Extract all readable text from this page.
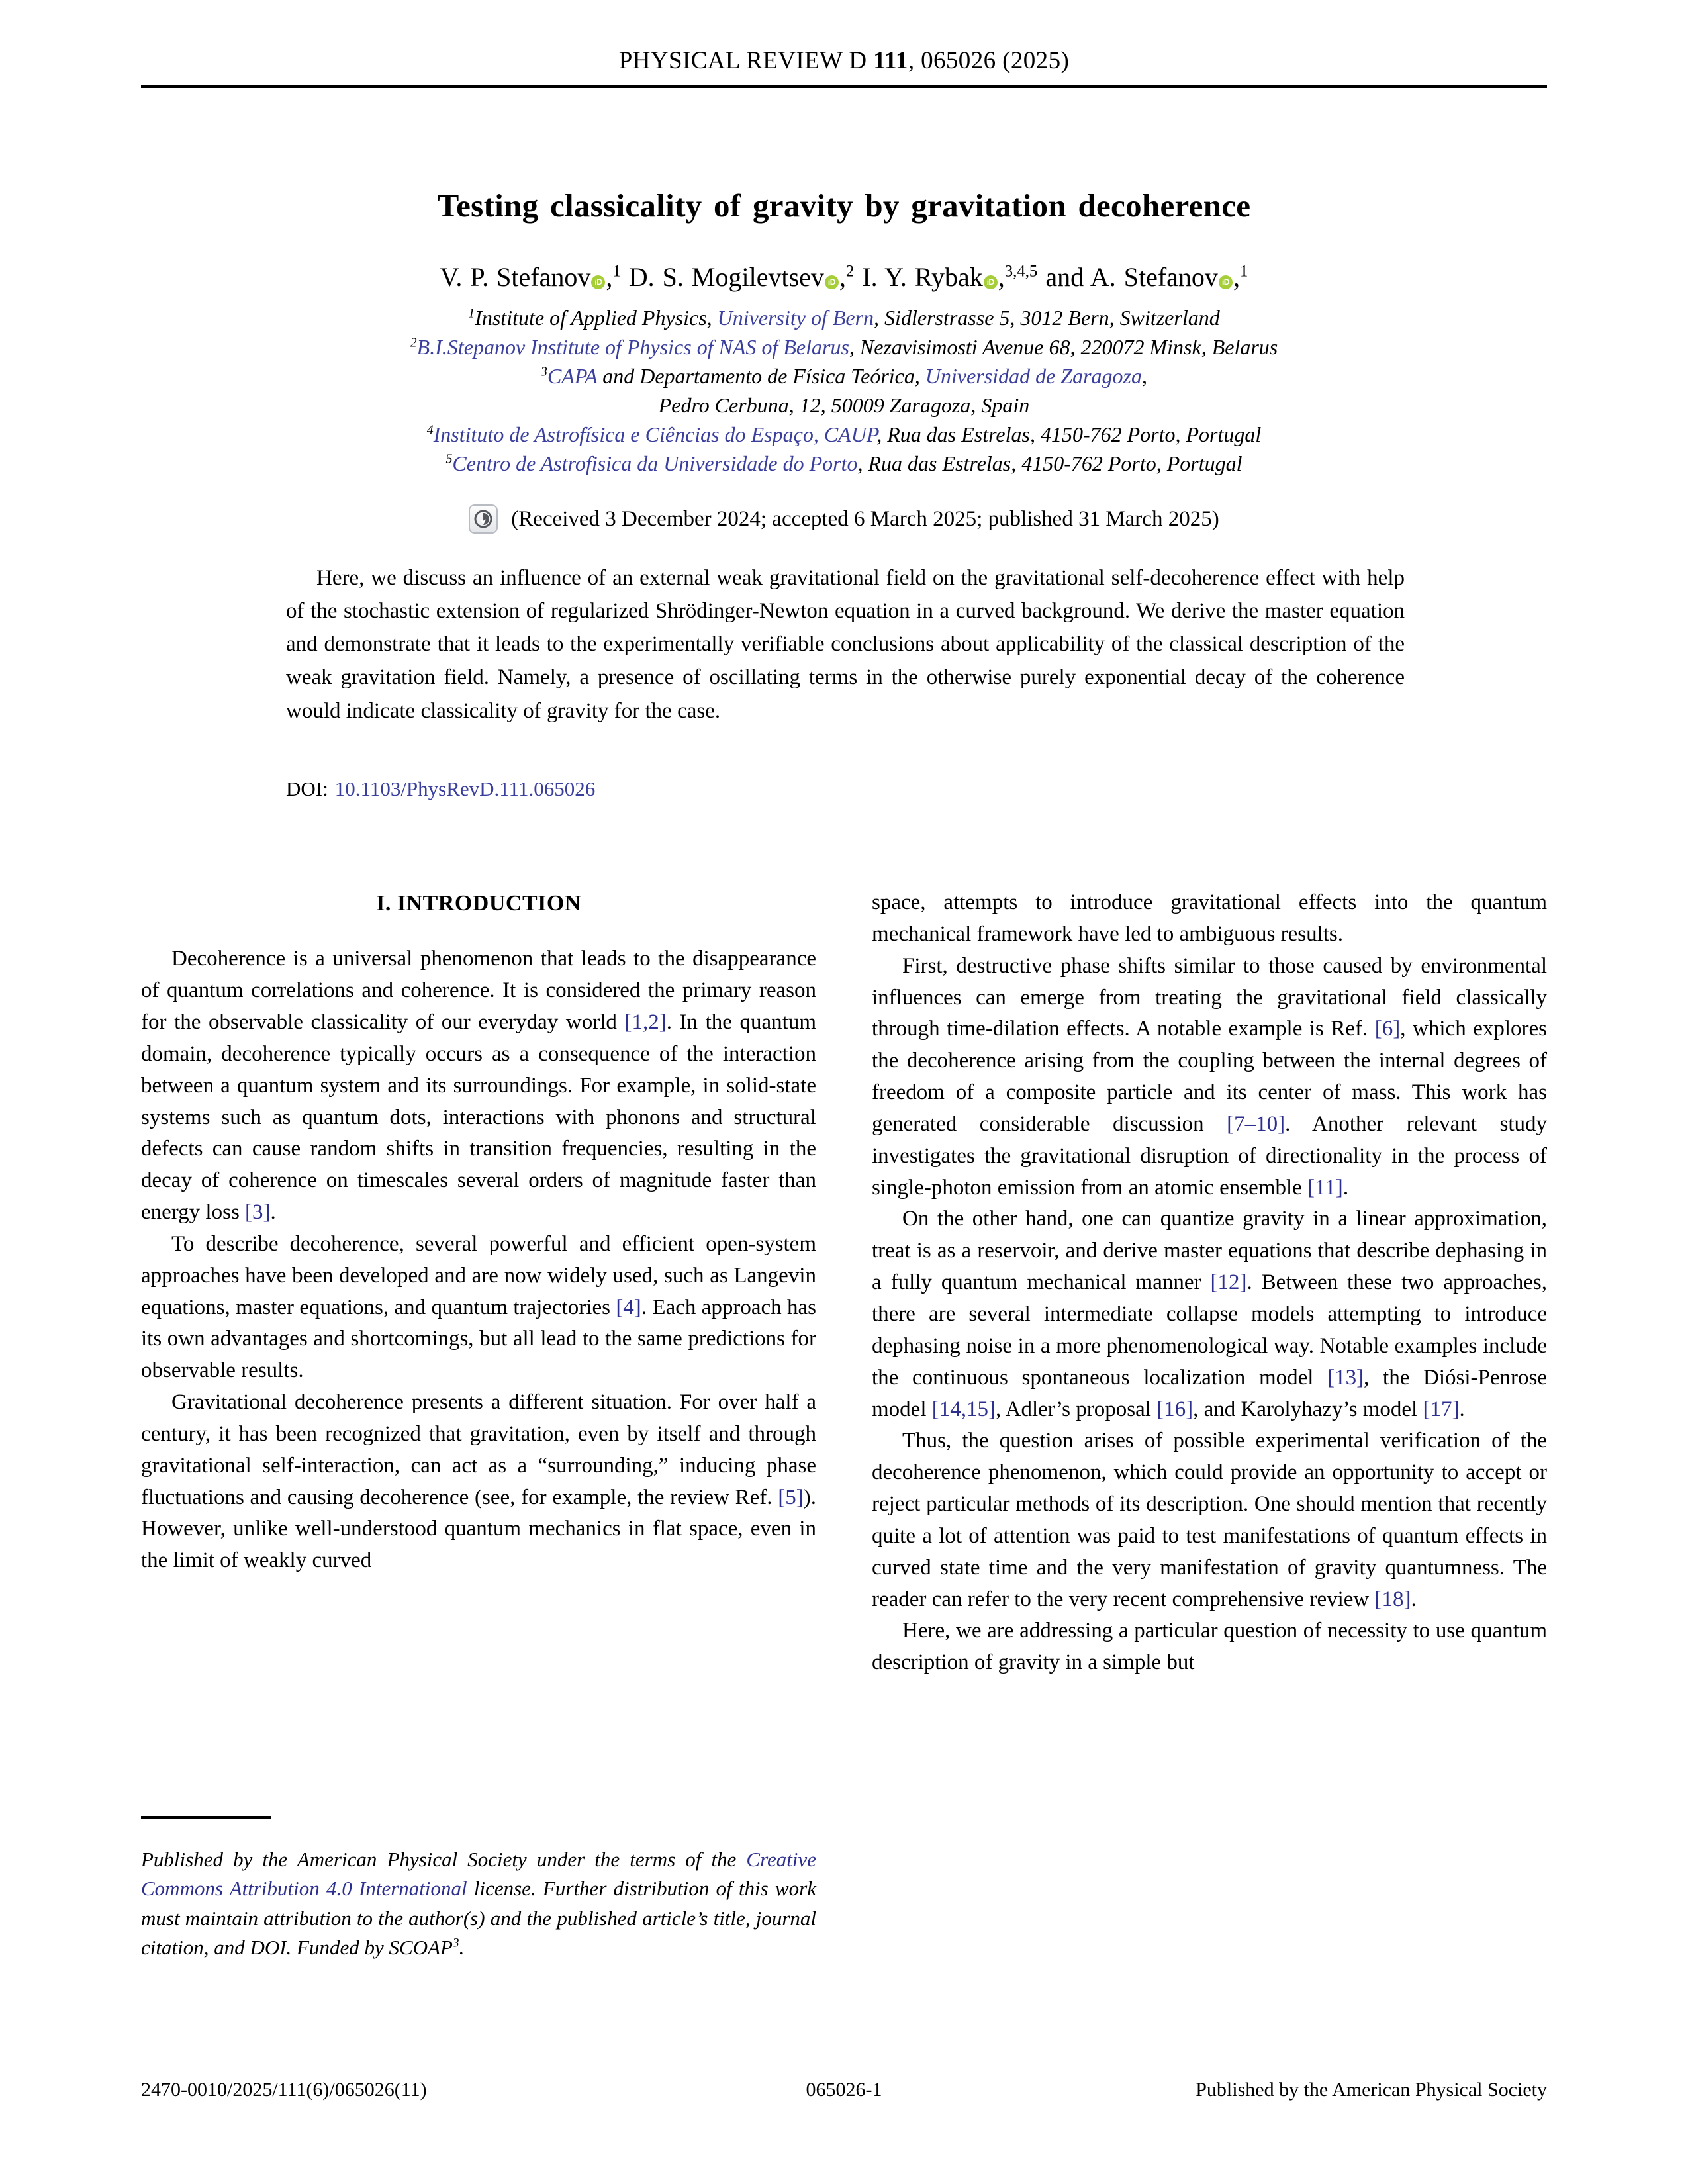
PHYSICAL REVIEW D 111, 065026 (2025)
Testing classicality of gravity by gravitation decoherence
V. P. Stefanov iD ,$^1$ D. S. Mogilevtsev iD ,$^2$ I. Y. Rybak iD ,$^{3,4,5}$ and A. Stefanov iD ,$^1$
$^1$Institute of Applied Physics, University of Bern, Sidlerstrasse 5, 3012 Bern, Switzerland
$^2$B.I.Stepanov Institute of Physics of NAS of Belarus, Nezavisimosti Avenue 68, 220072 Minsk, Belarus
$^3$CAPA and Departamento de Física Teórica, Universidad de Zaragoza,
Pedro Cerbuna, 12, 50009 Zaragoza, Spain
$^4$Instituto de Astrofísica e Ciências do Espaço, CAUP, Rua das Estrelas, 4150-762 Porto, Portugal
$^5$Centro de Astrofisica da Universidade do Porto, Rua das Estrelas, 4150-762 Porto, Portugal
(Received 3 December 2024; accepted 6 March 2025; published 31 March 2025)
Here, we discuss an influence of an external weak gravitational field on the gravitational self-decoherence effect with help of the stochastic extension of regularized Shrödinger-Newton equation in a curved background. We derive the master equation and demonstrate that it leads to the experimentally verifiable conclusions about applicability of the classical description of the weak gravitation field. Namely, a presence of oscillating terms in the otherwise purely exponential decay of the coherence would indicate classicality of gravity for the case.
DOI: 10.1103/PhysRevD.111.065026
I. INTRODUCTION

Decoherence is a universal phenomenon that leads to the disappearance of quantum correlations and coherence. It is considered the primary reason for the observable classicality of our everyday world [1,2]. In the quantum domain, decoherence typically occurs as a consequence of the interaction between a quantum system and its surroundings. For example, in solid-state systems such as quantum dots, interactions with phonons and structural defects can cause random shifts in transition frequencies, resulting in the decay of coherence on timescales several orders of magnitude faster than energy loss [3].

To describe decoherence, several powerful and efficient open-system approaches have been developed and are now widely used, such as Langevin equations, master equations, and quantum trajectories [4]. Each approach has its own advantages and shortcomings, but all lead to the same predictions for observable results.

Gravitational decoherence presents a different situation. For over half a century, it has been recognized that gravitation, even by itself and through gravitational self-interaction, can act as a “surrounding,” inducing phase fluctuations and causing decoherence (see, for example, the review Ref. [5]). However, unlike well-understood quantum mechanics in flat space, even in the limit of weakly curved

space, attempts to introduce gravitational effects into the quantum mechanical framework have led to ambiguous results.

First, destructive phase shifts similar to those caused by environmental influences can emerge from treating the gravitational field classically through time-dilation effects. A notable example is Ref. [6], which explores the decoherence arising from the coupling between the internal degrees of freedom of a composite particle and its center of mass. This work has generated considerable discussion [7–10]. Another relevant study investigates the gravitational disruption of directionality in the process of single-photon emission from an atomic ensemble [11].

On the other hand, one can quantize gravity in a linear approximation, treat is as a reservoir, and derive master equations that describe dephasing in a fully quantum mechanical manner [12]. Between these two approaches, there are several intermediate collapse models attempting to introduce dephasing noise in a more phenomenological way. Notable examples include the continuous spontaneous localization model [13], the Diósi-Penrose model [14,15], Adler’s proposal [16], and Karolyhazy’s model [17].

Thus, the question arises of possible experimental verification of the decoherence phenomenon, which could provide an opportunity to accept or reject particular methods of its description. One should mention that recently quite a lot of attention was paid to test manifestations of quantum effects in curved state time and the very manifestation of gravity quantumness. The reader can refer to the very recent comprehensive review [18].

Here, we are addressing a particular question of necessity to use quantum description of gravity in a simple but

Published by the American Physical Society under the terms of the Creative Commons Attribution 4.0 International license. Further distribution of this work must maintain attribution to the author(s) and the published article’s title, journal citation, and DOI. Funded by SCOAP$^3$.
2470-0010/2025/111(6)/065026(11)	065026-1	Published by the American Physical Society
